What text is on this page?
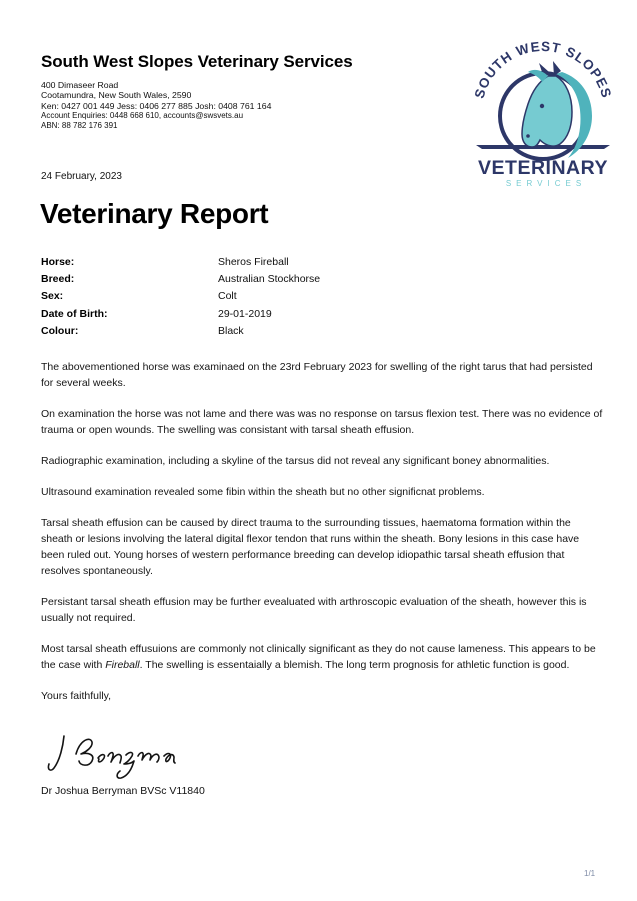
South West Slopes Veterinary Services
400 Dimaseer Road
Cootamundra, New South Wales, 2590
Ken: 0427 001 449 Jess: 0406 277 885 Josh: 0408 761 164
Account Enquiries: 0448 668 610, accounts@swsvets.au
ABN: 88 782 176 391
SOUTH WEST SLOPES
VETERINARY
SERVICES
24 February, 2023
Veterinary Report
Horse:	Sheros Fireball
Breed:	Australian Stockhorse
Sex:	Colt
Date of Birth:	29-01-2019
Colour:	Black

The abovementioned horse was examinaed on the 23rd February 2023 for swelling of the right tarus that had persisted for several weeks.

On examination the horse was not lame and there was was no response on tarsus flexion test. There was no evidence of trauma or open wounds. The swelling was consistant with tarsal sheath effusion.

Radiographic examination, including a skyline of the tarsus did not reveal any significant boney abnormalities.

Ultrasound examination revealed some fibin within the sheath but no other significnat problems.

Tarsal sheath effusion can be caused by direct trauma to the surrounding tissues, haematoma formation within the sheath or lesions involving the lateral digital flexor tendon that runs within the sheath. Bony lesions in this case have been ruled out. Young horses of western performance breeding can develop idiopathic tarsal sheath effusion that resolves spontaneously.

Persistant tarsal sheath effusion may be further evealuated with arthroscopic evaluation of the sheath, however this is usually not required.

Most tarsal sheath effusuions are commonly not clinically significant as they do not cause lameness. This appears to be the case with Fireball. The swelling is essentaially a blemish. The long term prognosis for athletic function is good.

Yours faithfully,

Dr Joshua Berryman BVSc V11840
1/1
